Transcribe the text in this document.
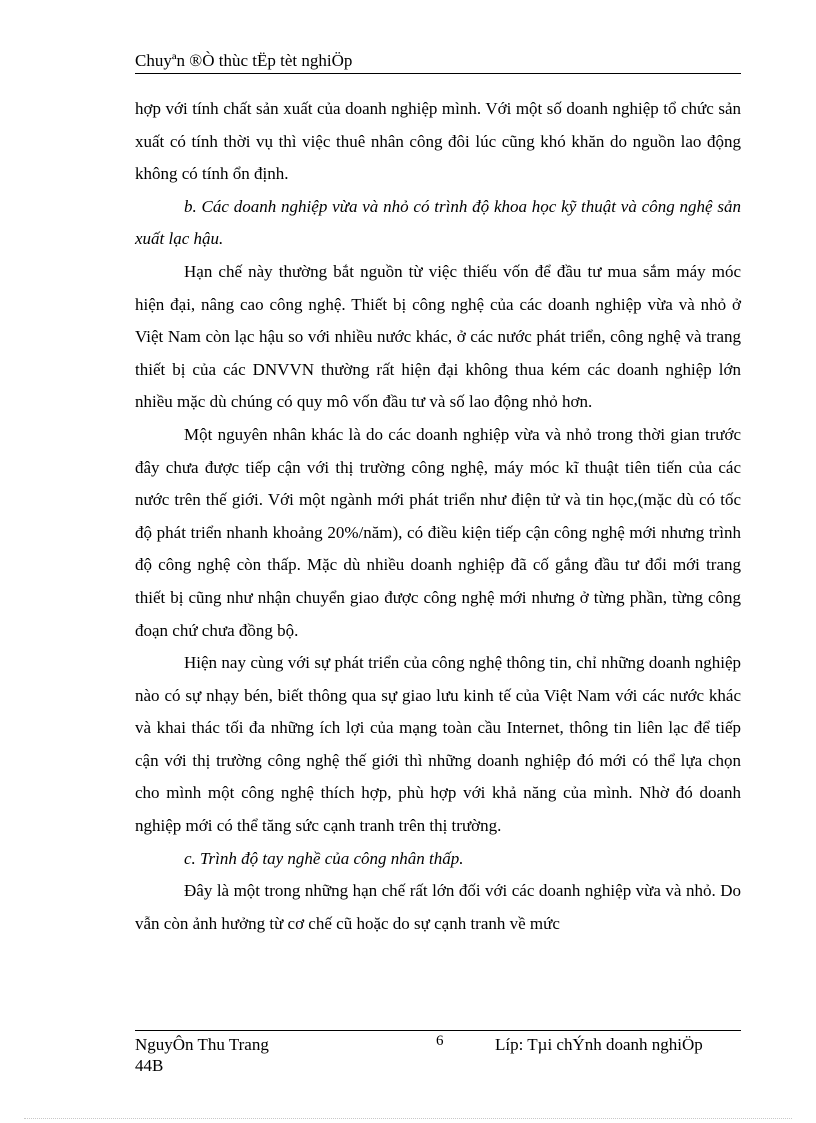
Chuyªn ®Ò thùc tËp tèt nghiÖp

hợp với tính chất sản xuất của doanh nghiệp mình. Với một số doanh nghiệp tổ chức sản xuất có tính thời vụ thì việc thuê nhân công đôi lúc cũng khó khăn do nguồn lao động không có tính ổn định.

b. Các doanh nghiệp vừa và nhỏ có trình độ khoa học kỹ thuật và công nghệ sản xuất lạc hậu.

Hạn chế này thường bắt nguồn từ việc thiếu vốn để đầu tư mua sắm máy móc hiện đại, nâng cao công nghệ. Thiết bị công nghệ của các doanh nghiệp vừa và nhỏ ở Việt Nam còn lạc hậu so với nhiều nước khác, ở các nước phát triển, công nghệ và trang thiết bị của các DNVVN thường rất hiện đại không thua kém các doanh nghiệp lớn nhiều mặc dù chúng có quy mô vốn đầu tư và số lao động nhỏ hơn.

Một nguyên nhân khác là do các doanh nghiệp vừa và nhỏ trong thời gian trước đây chưa được tiếp cận với thị trường công nghệ, máy móc kĩ thuật tiên tiến của các nước trên thế giới. Với một ngành mới phát triển như điện tử và tin học,(mặc dù có tốc độ phát triển nhanh khoảng 20%/năm), có điều kiện tiếp cận công nghệ mới nhưng trình độ công nghệ còn thấp. Mặc dù nhiều doanh nghiệp đã cố gắng đầu tư đổi mới trang thiết bị cũng như nhận chuyển giao được công nghệ mới nhưng ở từng phần, từng công đoạn chứ chưa đồng bộ.

Hiện nay cùng với sự phát triển của công nghệ thông tin, chỉ những doanh nghiệp nào có sự nhạy bén, biết thông qua sự giao lưu kinh tế của Việt Nam với các nước khác và khai thác tối đa những ích lợi của mạng toàn cầu Internet, thông tin liên lạc để tiếp cận với thị trường công nghệ thế giới thì những doanh nghiệp đó mới có thể lựa chọn cho mình một công nghệ thích hợp, phù hợp với khả năng của mình. Nhờ đó doanh nghiệp mới có thể tăng sức cạnh tranh trên thị trường.

c. Trình độ tay nghề của công nhân thấp.

Đây là một trong những hạn chế rất lớn đối với các doanh nghiệp vừa và nhỏ. Do vẫn còn ảnh hưởng từ cơ chế cũ hoặc do sự cạnh tranh về mức

NguyÔn Thu Trang
44B
6	Líp: Tµi chÝnh doanh nghiÖp
